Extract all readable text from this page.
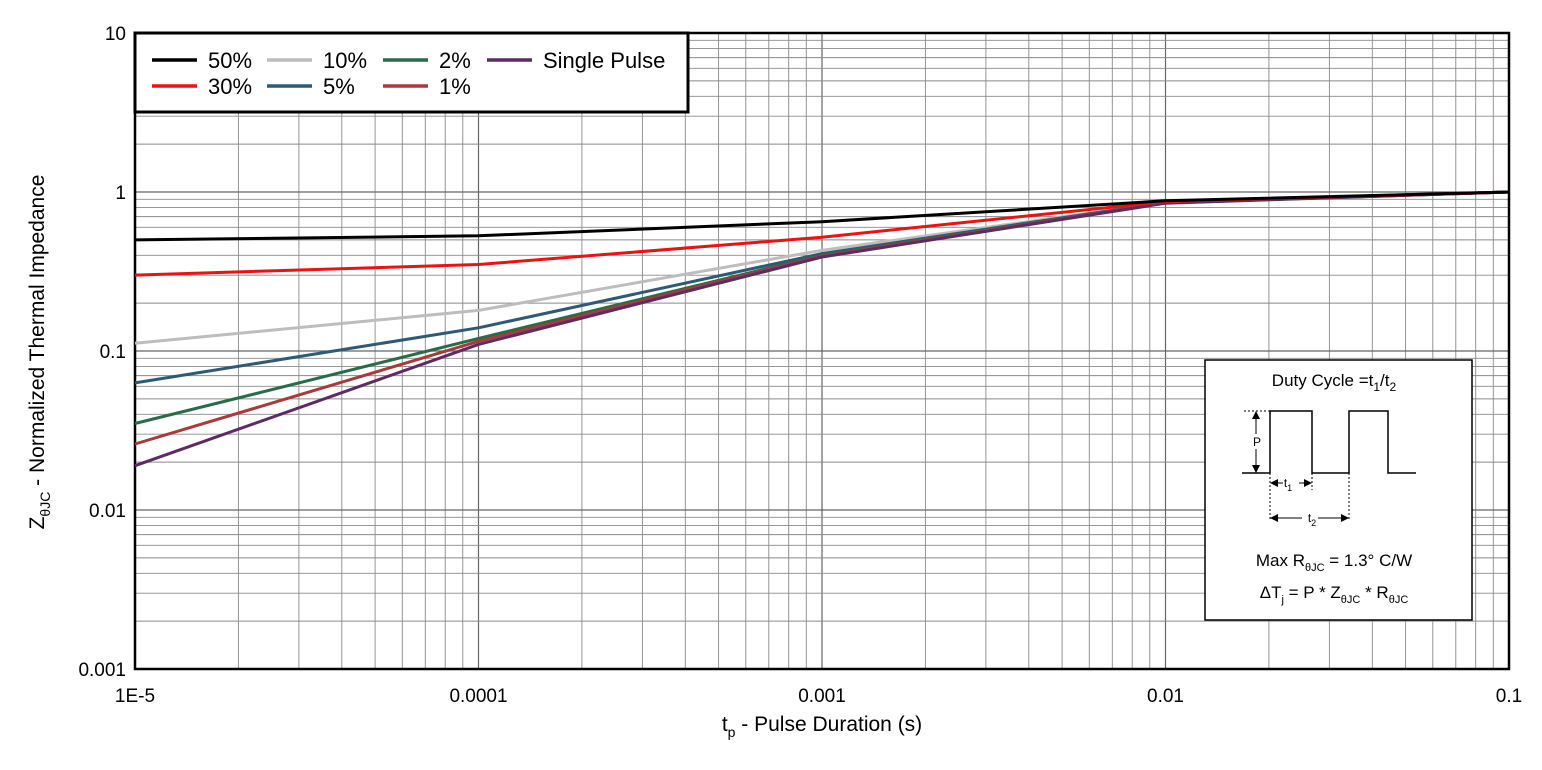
1E-5	0.0001	0.001	0.01	0.1
10
1
0.1
0.01
0.001
$t_p$ - Pulse Duration (s)
$Z_{\theta JC}$ - Normalized Thermal Impedance
50%	10%	2%	Single Pulse
30%	5%	1%
Duty Cycle $=t_1/t_2$
P
$t_1$
$t_2$
Max $R_{\theta JC} = 1.3^\circ$ C/W
$\Delta T_j = P * Z_{\theta JC} * R_{\theta JC}$
